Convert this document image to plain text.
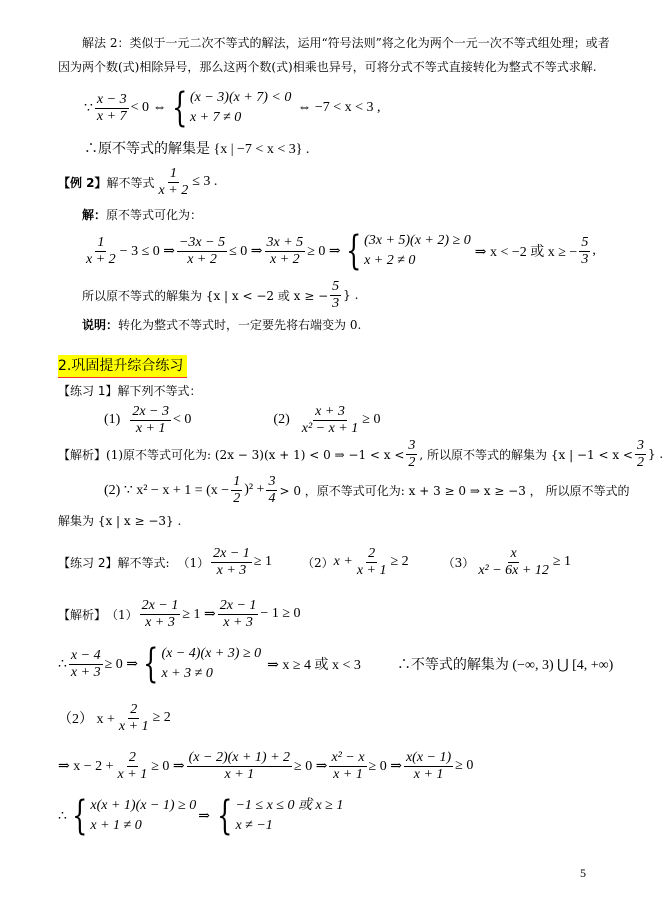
解法 2：类似于一元二次不等式的解法，运用“符号法则”将之化为两个一元一次不等式组处理；或者
因为两个数(式)相除异号，那么这两个数(式)相乘也异号，可将分式不等式直接转化为整式不等式求解.
∵ $\frac{x - 3}{x + 7} < 0$ ⇔ { (x − 3)(x + 7) < 0
x + 7 ≠ 0
⇔ −7 < x < 3 ,
∴原不等式的解集是 {x | −7 < x < 3} .
【例 2】 解不等式 $\frac{1}{x + 2} \le 3$ .
解：原不等式可化为：
$\frac{1}{x + 2} - 3 \le 0$ ⇒ $\frac{-3x - 5}{x + 2} \le 0$ ⇒ $\frac{3x + 5}{x + 2} \ge 0$ ⇒ { (3x + 5)(x + 2) ≥ 0
x + 2 ≠ 0
⇒ x < −2 或 x ≥ − $\frac{5}{3}$ ,
所以原不等式的解集为 {x | x < −2 或 x ≥ − $\frac{5}{3}$ } .
说明：转化为整式不等式时，一定要先将右端变为 0.
2.巩固提升综合练习
【练习 1】解下列不等式：
$(1) \frac{2x - 3}{x + 1} < 0$	$(2) \frac{x + 3}{\text{x² − x + 1}} \ge 0$
【解析】 (1)原不等式可化为: (2x − 3)(x + 1) < 0 ⇒ $-1 < x < \frac{3}{2}$ , 所以原不等式的解集为 {x | $-1 < x < \frac{3}{2}$ } .
(2) ∵ $x^2 - x + 1 = (x - \frac{1}{2} )^2 + \frac{3}{4} > 0$ ，原不等式可化为: x + 3 ≥ 0 ⇒ x ≥ −3 ， 所以原不等式的
解集为 {x | x ≥ −3} .
【练习 2】 解不等式: $(1) \frac{2x - 1}{x + 3} \ge 1$	（2） $x + \frac{2}{x + 1} \ge 2$	$(3) \frac{x}{\text{x² − 6x + 12}} \ge 1$
【解析】 $(1) \frac{2x - 1}{x + 3} \ge 1$ ⇒ $\frac{2x - 1}{x + 3} - 1 \ge 0$
∴ $\frac{x - 4}{x + 3} \ge 0$ ⇒ { (x − 4)(x + 3) ≥ 0
x + 3 ≠ 0
⇒ x ≥ 4 或 x < 3	∴不等式的解集为 (−∞, 3) ⋃ [4, +∞)
（2） $x + \frac{2}{x + 1} \ge 2$
⇒ $x - 2 + \frac{2}{x + 1} \ge 0$ ⇒ $\frac{(x - 2)(x + 1) + 2}{x + 1} \ge 0$ ⇒ $\frac{\text{x² − x}}{x + 1} \ge 0$ ⇒ $\frac{x(x - 1)}{x + 1} \ge 0$
∴ { x(x + 1)(x − 1) ≥ 0
x + 1 ≠ 0
⇒ { −1 ≤ x ≤ 0 或 x ≥ 1
x ≠ −1
5
